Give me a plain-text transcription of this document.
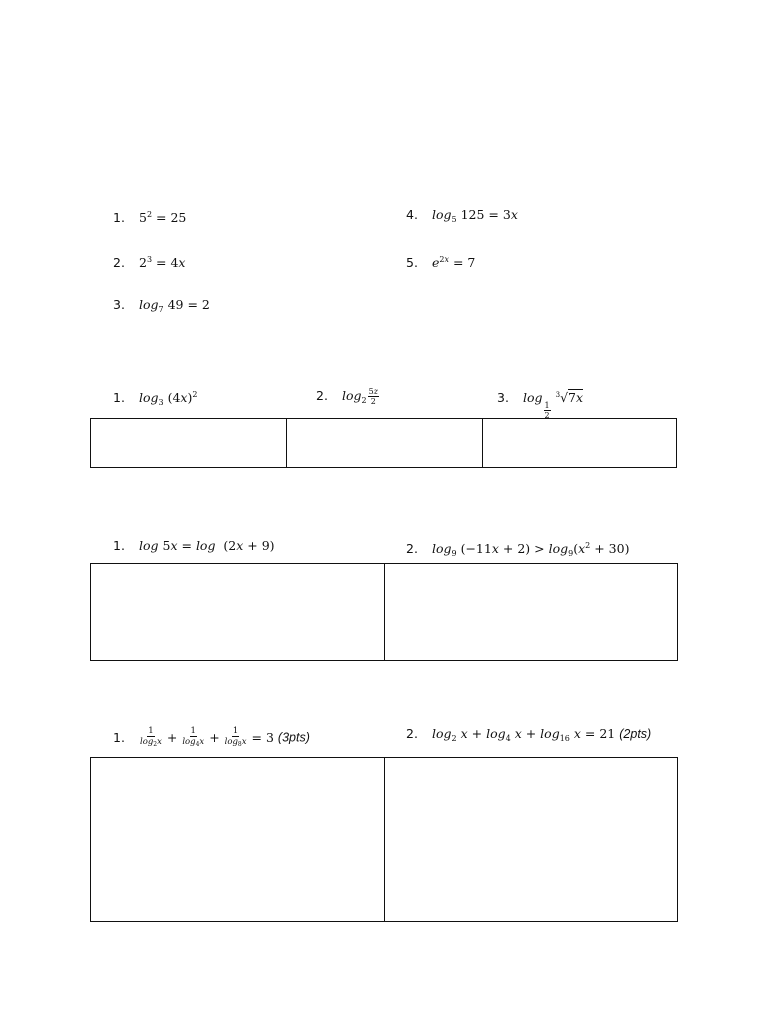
1. $5^2 = 25$
2. $2^3 = 4x$
3. $\log_7 49 = 2$
4. $\log_5 125 = 3x$
5. $e^{2x} = 7$
1. $\log_3 (4x)^2$	2. $\log_2 \frac{5z}{2}$	3. log
$\frac{1}{2}$
$^3$√7x
1. log 5x = log  (2x + 9)	2. $\log_9 (-11x + 2) > \log_9(x^2 + 30)$
1. $\frac{1}{\log_2x} + \frac{1}{\log_4x} + \frac{1}{\log_8x} = 3$ (3pts)	2. $\log_2 x + \log_4 x + \log_{16} x = 21$ (2pts)
